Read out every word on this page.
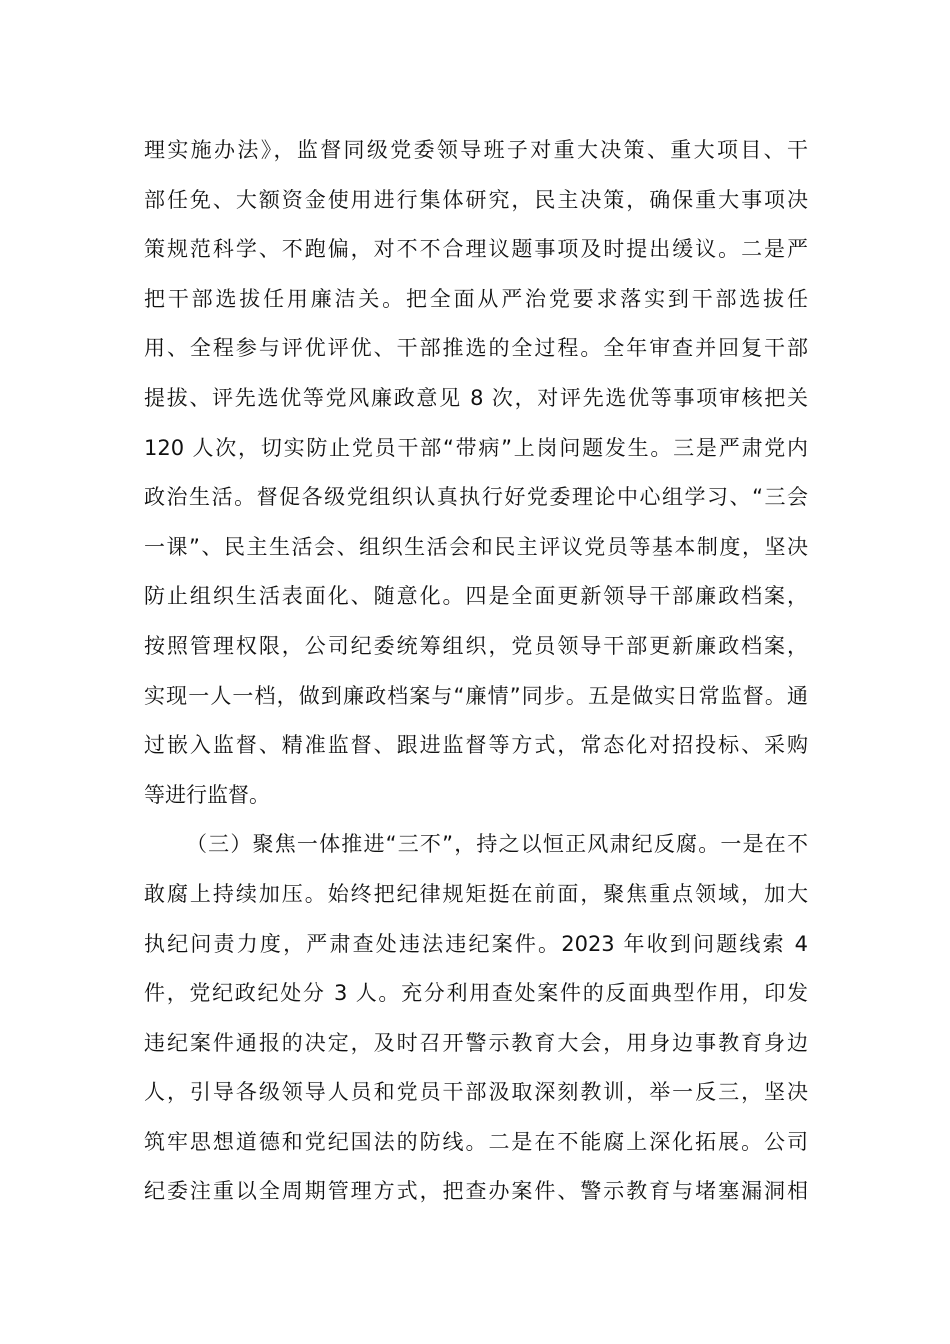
理实施办法》，监督同级党委领导班子对重大决策、重大项目、干
部任免、大额资金使用进行集体研究，民主决策，确保重大事项决
策规范科学、不跑偏，对不不合理议题事项及时提出缓议。二是严
把干部选拔任用廉洁关。把全面从严治党要求落实到干部选拔任
用、全程参与评优评优、干部推选的全过程。全年审查并回复干部
提拔、评先选优等党风廉政意见 8 次，对评先选优等事项审核把关
120 人次，切实防止党员干部“带病”上岗问题发生。三是严肃党内
政治生活。督促各级党组织认真执行好党委理论中心组学习、“三会
一课”、民主生活会、组织生活会和民主评议党员等基本制度，坚决
防止组织生活表面化、随意化。四是全面更新领导干部廉政档案，
按照管理权限，公司纪委统筹组织，党员领导干部更新廉政档案，
实现一人一档，做到廉政档案与“廉情”同步。五是做实日常监督。通
过嵌入监督、精准监督、跟进监督等方式，常态化对招投标、采购
等进行监督。
（三）聚焦一体推进“三不”，持之以恒正风肃纪反腐。一是在不
敢腐上持续加压。始终把纪律规矩挺在前面，聚焦重点领域，加大
执纪问责力度，严肃查处违法违纪案件。2023 年收到问题线索 4
件，党纪政纪处分 3 人。充分利用查处案件的反面典型作用，印发
违纪案件通报的决定，及时召开警示教育大会，用身边事教育身边
人，引导各级领导人员和党员干部汲取深刻教训，举一反三，坚决
筑牢思想道德和党纪国法的防线。二是在不能腐上深化拓展。公司
纪委注重以全周期管理方式，把查办案件、警示教育与堵塞漏洞相
